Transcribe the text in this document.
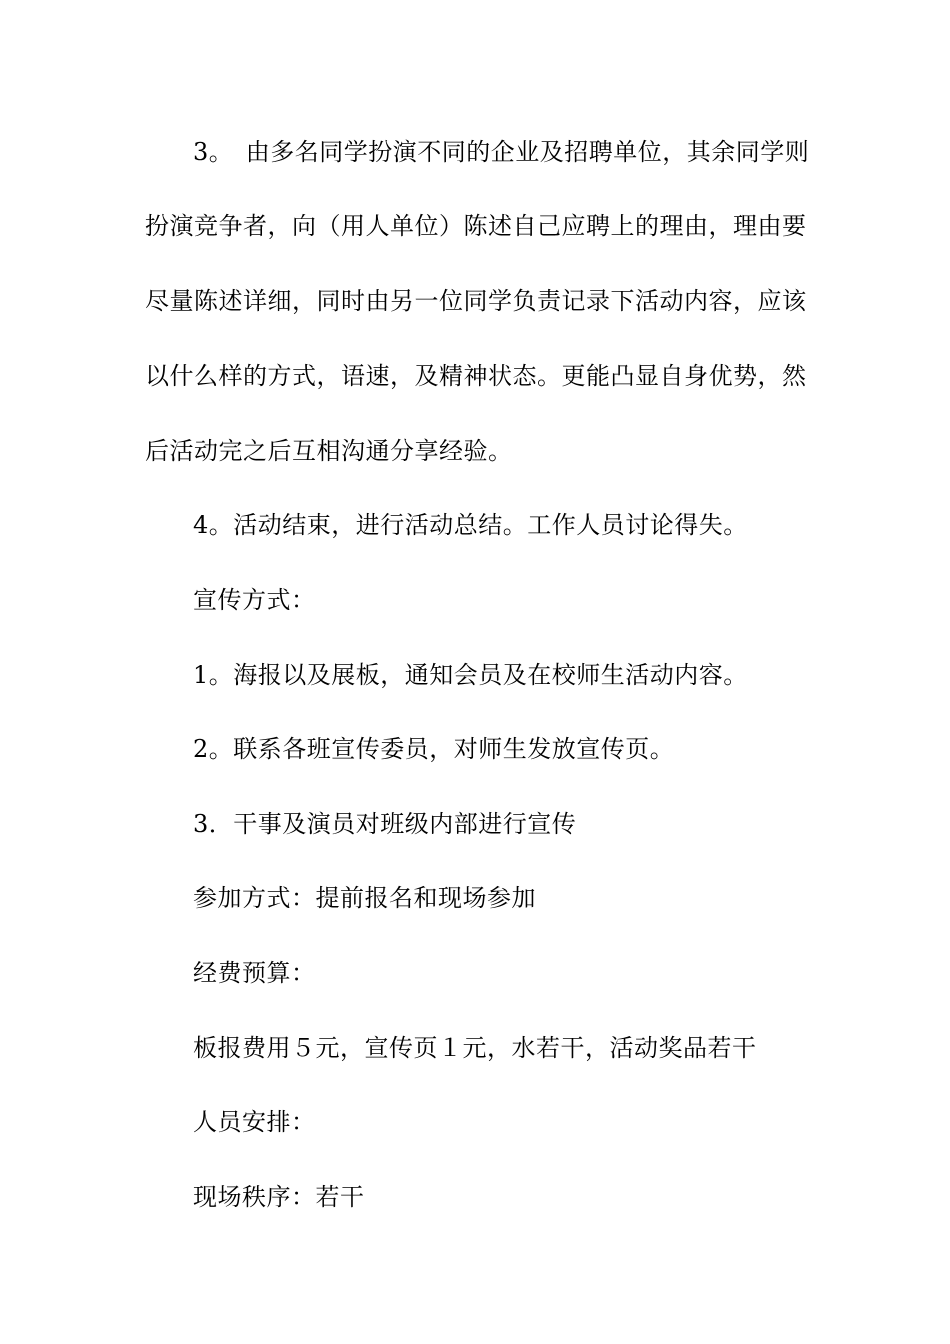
3。　由多名同学扮演不同的企业及招聘单位，其余同学则
扮演竞争者，向（用人单位）陈述自己应聘上的理由，理由要
尽量陈述详细，同时由另一位同学负责记录下活动内容，应该
以什么样的方式，语速，及精神状态。更能凸显自身优势，然
后活动完之后互相沟通分享经验。
4。活动结束，进行活动总结。工作人员讨论得失。
宣传方式：
1。海报以及展板，通知会员及在校师生活动内容。
2。联系各班宣传委员，对师生发放宣传页。
3．干事及演员对班级内部进行宣传
参加方式：提前报名和现场参加
经费预算：
板报费用５元，宣传页１元，水若干，活动奖品若干
人员安排：
现场秩序：若干
